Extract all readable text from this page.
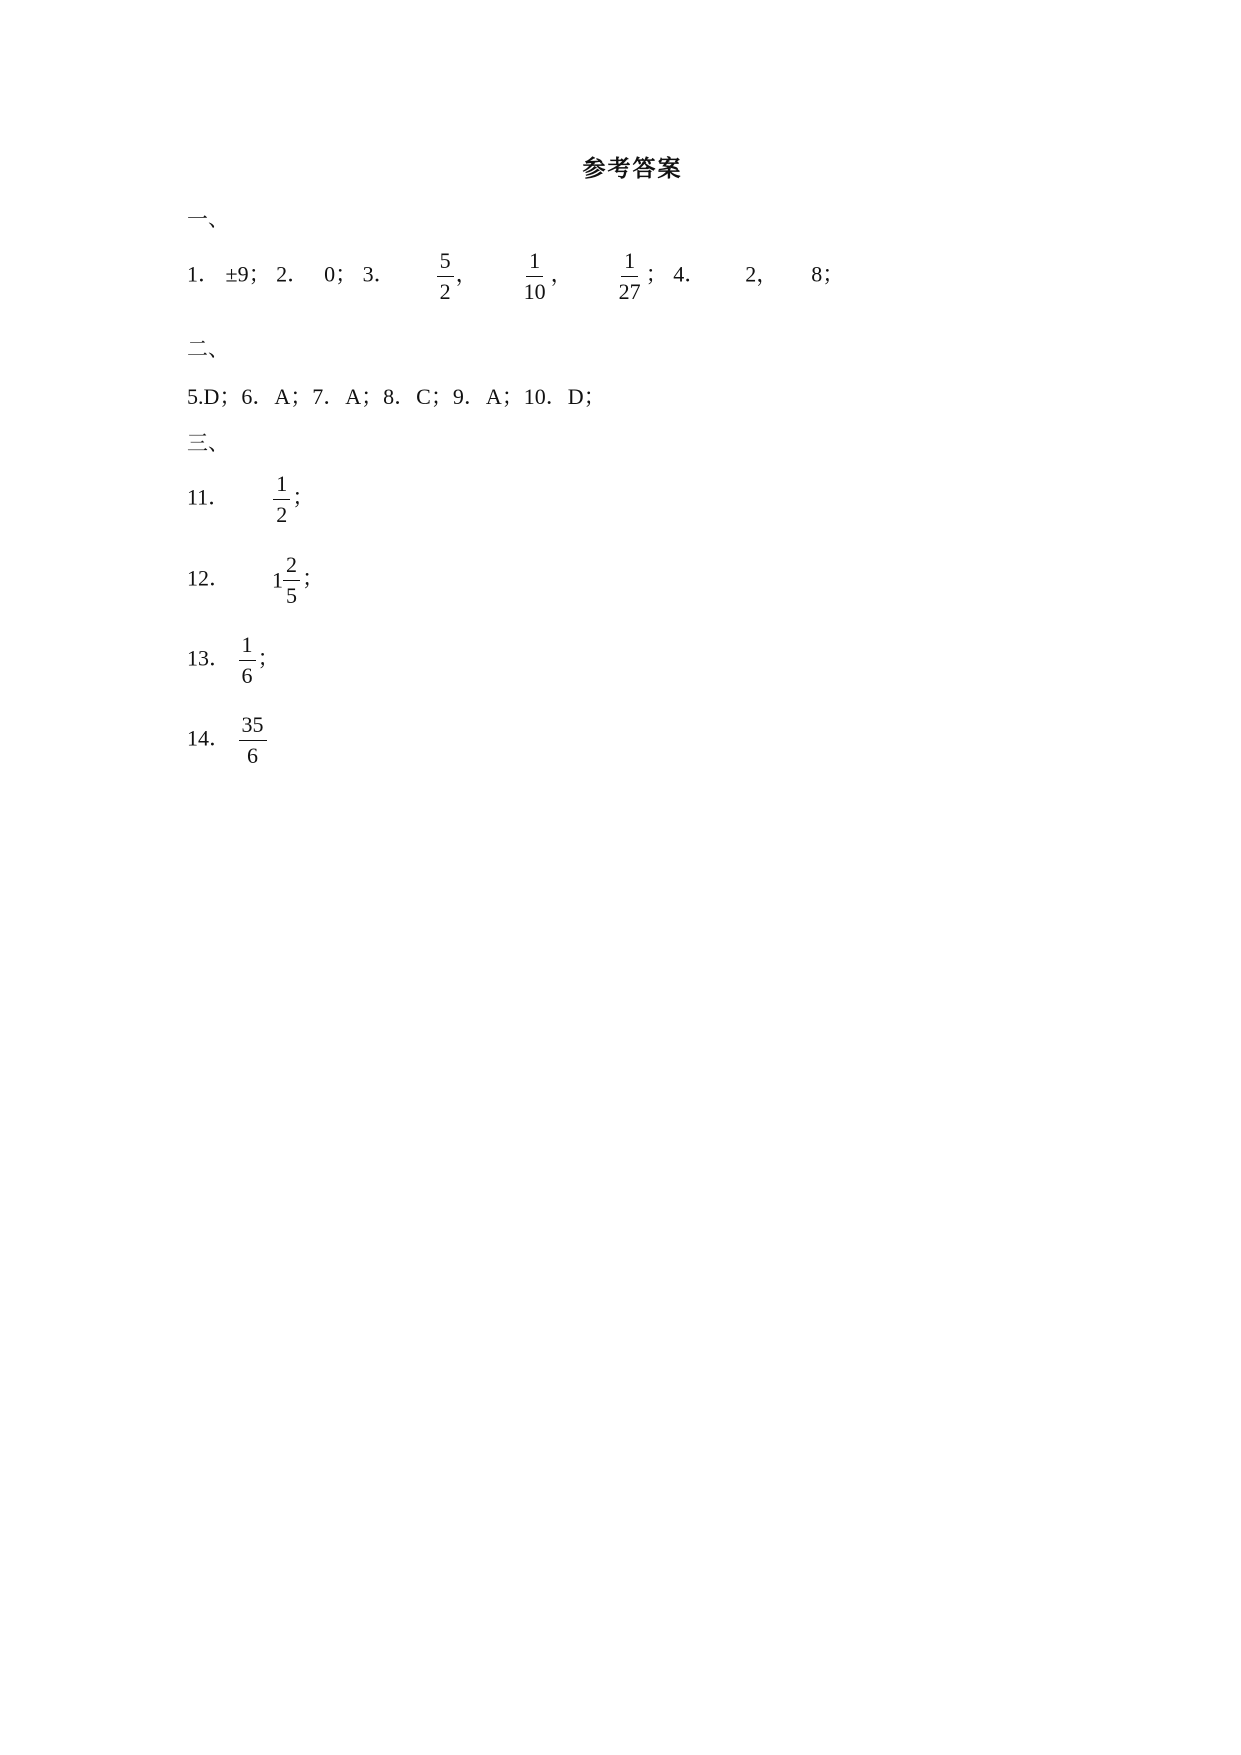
参考答案
一、
1． ±9； 2． 0； 3． $\frac{5}{2}$ ， $\frac{1}{10}$ ， $\frac{1}{27}$ ； 4． 2， 8；
二、
5.D；6．A；7．A；8．C；9．A；10．D；
三、
11． $\frac{1}{2}$ ；
12． $1 \frac{2}{5}$ ；
13． $\frac{1}{6}$ ；
14． $\frac{35}{6}$
